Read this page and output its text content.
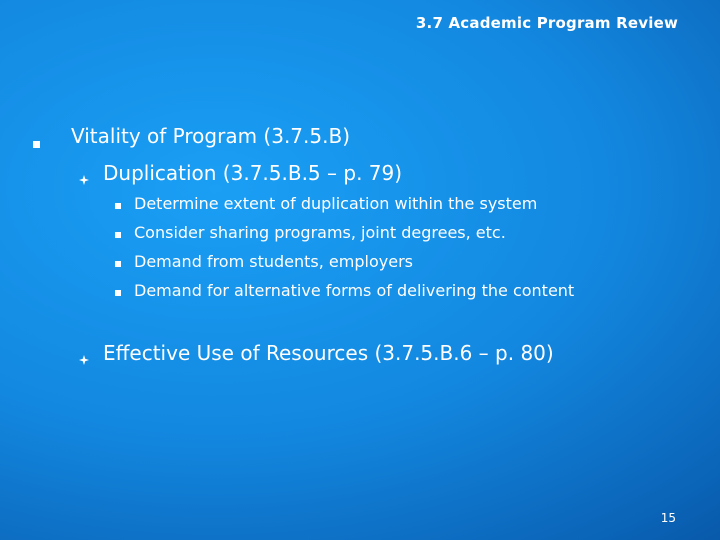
3.7 Academic Program Review
Vitality of Program (3.7.5.B)
Duplication (3.7.5.B.5 – p. 79)
Determine extent of duplication within the system
Consider sharing programs, joint degrees, etc.
Demand from students, employers
Demand for alternative forms of delivering the content
Effective Use of Resources (3.7.5.B.6 – p. 80)
15
